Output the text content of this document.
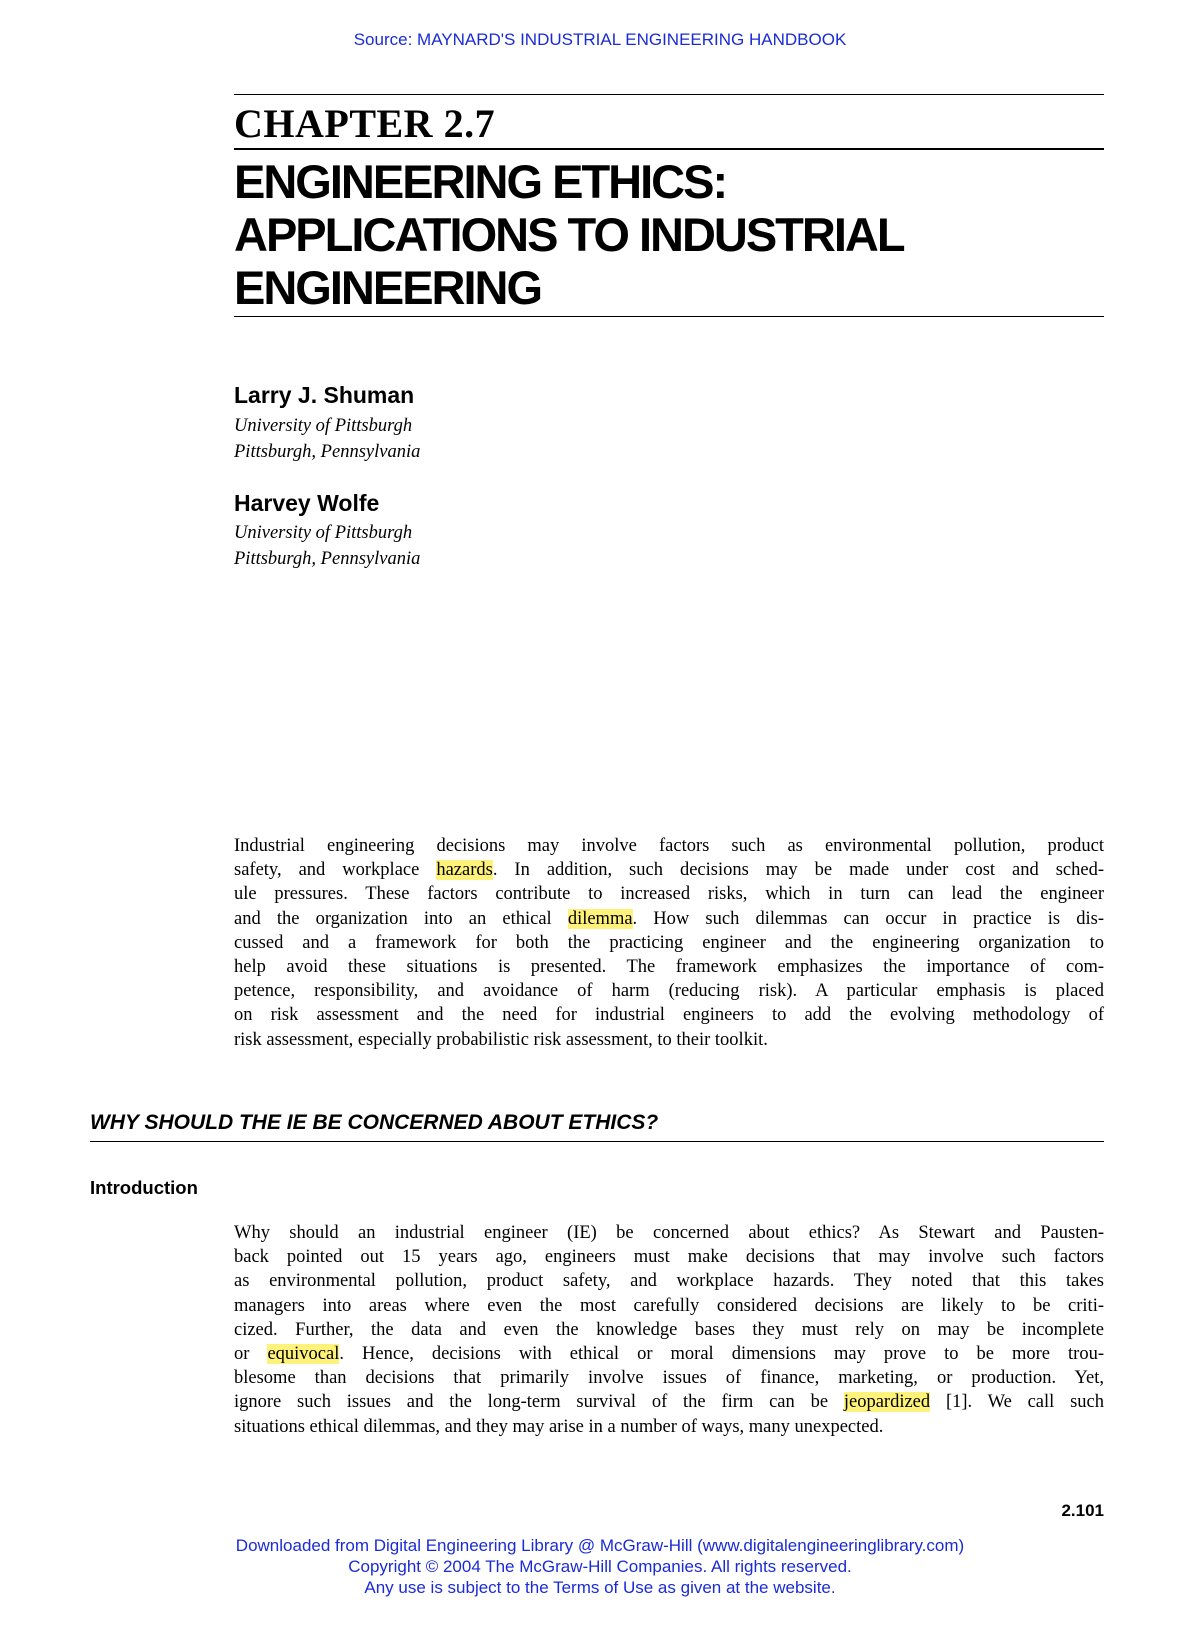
Source: MAYNARD'S INDUSTRIAL ENGINEERING HANDBOOK
CHAPTER 2.7
ENGINEERING ETHICS:
APPLICATIONS TO INDUSTRIAL
ENGINEERING
Larry J. Shuman
University of Pittsburgh
Pittsburgh, Pennsylvania
Harvey Wolfe
University of Pittsburgh
Pittsburgh, Pennsylvania
Industrial engineering decisions may involve factors such as environmental pollution, product
safety, and workplace hazards. In addition, such decisions may be made under cost and sched-
ule pressures. These factors contribute to increased risks, which in turn can lead the engineer
and the organization into an ethical dilemma. How such dilemmas can occur in practice is dis-
cussed and a framework for both the practicing engineer and the engineering organization to
help avoid these situations is presented. The framework emphasizes the importance of com-
petence, responsibility, and avoidance of harm (reducing risk). A particular emphasis is placed
on risk assessment and the need for industrial engineers to add the evolving methodology of
risk assessment, especially probabilistic risk assessment, to their toolkit.
WHY SHOULD THE IE BE CONCERNED ABOUT ETHICS?
Introduction
Why should an industrial engineer (IE) be concerned about ethics? As Stewart and Pausten-
back pointed out 15 years ago, engineers must make decisions that may involve such factors
as environmental pollution, product safety, and workplace hazards. They noted that this takes
managers into areas where even the most carefully considered decisions are likely to be criti-
cized. Further, the data and even the knowledge bases they must rely on may be incomplete
or equivocal. Hence, decisions with ethical or moral dimensions may prove to be more trou-
blesome than decisions that primarily involve issues of finance, marketing, or production. Yet,
ignore such issues and the long-term survival of the firm can be jeopardized [1]. We call such
situations ethical dilemmas, and they may arise in a number of ways, many unexpected.
2.101
Downloaded from Digital Engineering Library @ McGraw-Hill (www.digitalengineeringlibrary.com)
Copyright © 2004 The McGraw-Hill Companies. All rights reserved.
Any use is subject to the Terms of Use as given at the website.
